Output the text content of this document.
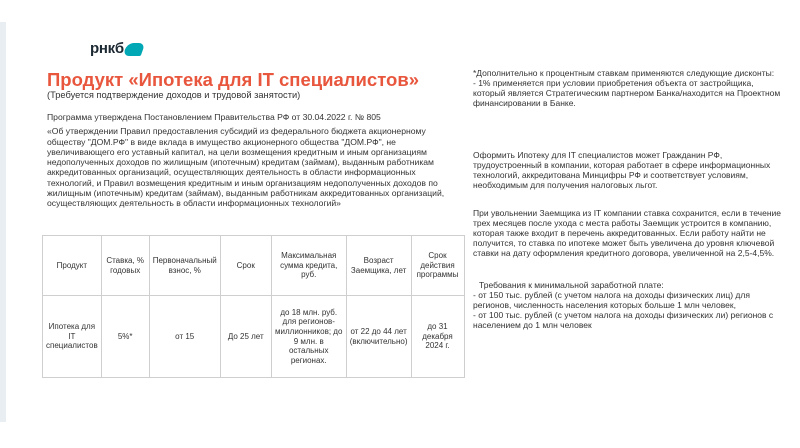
рнкб
Продукт «Ипотека для IT специалистов»
(Требуется подтверждение доходов и трудовой занятости)

Программа утверждена Постановлением Правительства РФ от 30.04.2022 г. № 805

«Об утверждении Правил предоставления субсидий из федерального бюджета акционерному обществу "ДОМ.РФ" в виде вклада в имущество акционерного общества "ДОМ.РФ", не увеличивающего его уставный капитал, на цели возмещения кредитным и иным организациям недополученных доходов по жилищным (ипотечным) кредитам (займам), выданным работникам аккредитованных организаций, осуществляющих деятельность в области информационных технологий, и Правил возмещения кредитным и иным организациям недополученных доходов по жилищным (ипотечным) кредитам (займам), выданным работникам аккредитованных организаций, осуществляющих деятельность в области информационных технологий»

Продукт	Ставка, % годовых	Первоначальный взнос, %	Срок	Максимальная сумма кредита, руб.	Возраст Заемщика, лет	Срок действия программы
Ипотека для IT специалистов	5%*	от 15	До 25 лет	до 18 млн. руб. для регионов-миллионников; до 9 млн. в остальных регионах.	от 22 до 44 лет (включительно)	до 31 декабря 2024 г.

*Дополнительно к процентным ставкам применяются следующие дисконты:

- 1% применяется при условии приобретения объекта от застройщика, который является Стратегическим партнером Банка/находится на Проектном финансировании в Банке.

Оформить Ипотеку для IT специалистов может Гражданин РФ, трудоустроенный в компании, которая работает в сфере информационных технологий, аккредитована Минцифры РФ и соответствует условиям, необходимым для получения налоговых льгот.

При увольнении Заемщика из IT компании ставка сохранится, если в течение трех месяцев после ухода с места работы Заемщик устроится в компанию, которая также входит в перечень аккредитованных. Если работу найти не получится, то ставка по ипотеке может быть увеличена до уровня ключевой ставки на дату оформления кредитного договора, увеличенной на 2,5-4,5%.

Требования к минимальной заработной плате:

- от 150 тыс. рублей (с учетом налога на доходы физических лиц) для регионов, численность населения которых больше 1 млн человек,

- от 100 тыс. рублей (с учетом налога на доходы физических ли) регионов с населением до 1 млн человек
